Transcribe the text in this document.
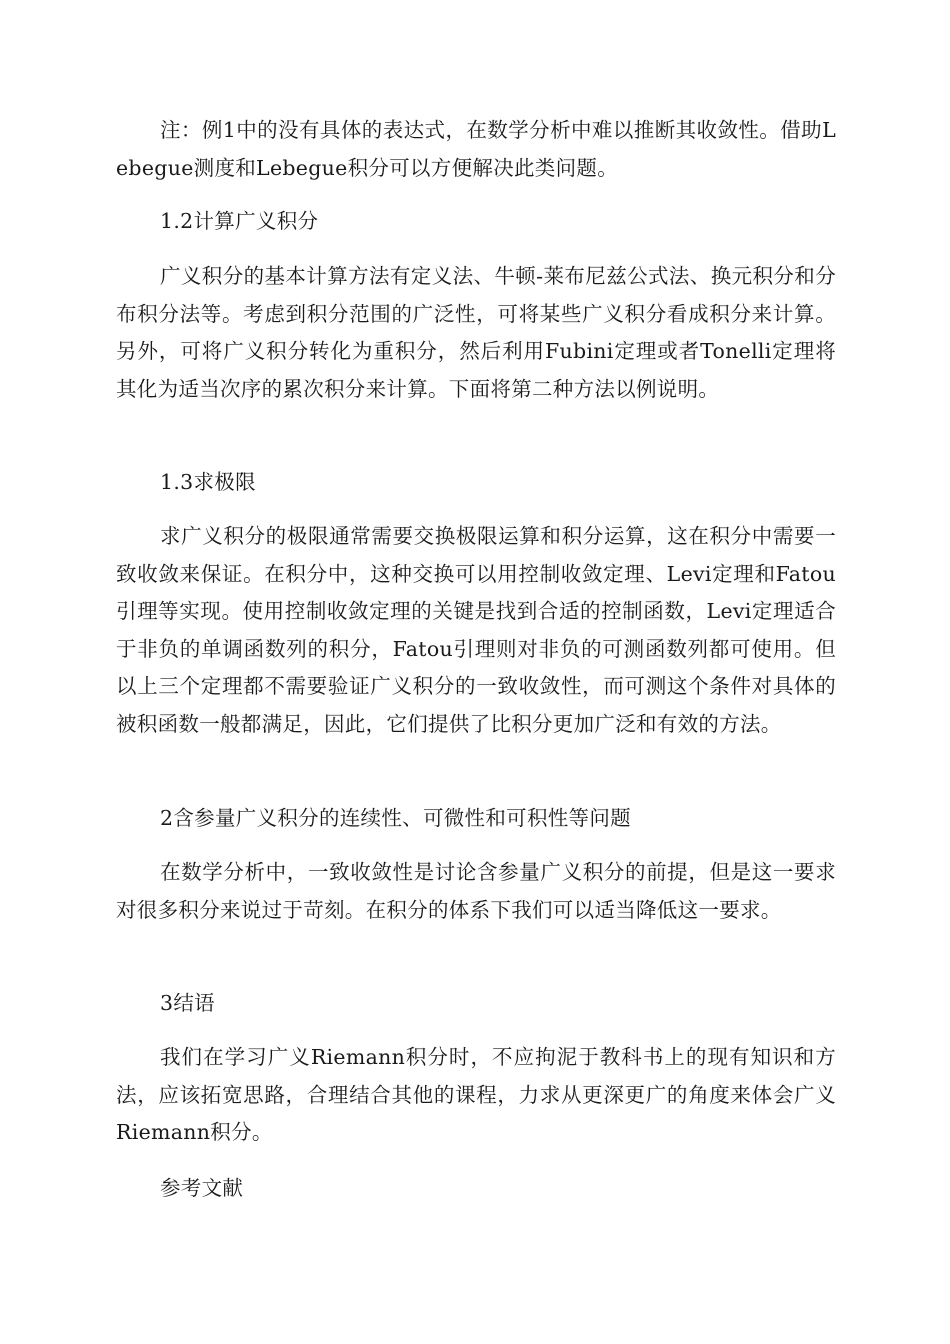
注：例1中的没有具体的表达式，在数学分析中难以推断其收敛性。借助Lebegue测度和Lebegue积分可以方便解决此类问题。

1.2计算广义积分

广义积分的基本计算方法有定义法、牛顿-莱布尼兹公式法、换元积分和分布积分法等。考虑到积分范围的广泛性，可将某些广义积分看成积分来计算。另外，可将广义积分转化为重积分，然后利用Fubini定理或者Tonelli定理将其化为适当次序的累次积分来计算。下面将第二种方法以例说明。

1.3求极限

求广义积分的极限通常需要交换极限运算和积分运算，这在积分中需要一致收敛来保证。在积分中，这种交换可以用控制收敛定理、Levi定理和Fatou引理等实现。使用控制收敛定理的关键是找到合适的控制函数，Levi定理适合于非负的单调函数列的积分，Fatou引理则对非负的可测函数列都可使用。但以上三个定理都不需要验证广义积分的一致收敛性，而可测这个条件对具体的被积函数一般都满足，因此，它们提供了比积分更加广泛和有效的方法。

2含参量广义积分的连续性、可微性和可积性等问题

在数学分析中，一致收敛性是讨论含参量广义积分的前提，但是这一要求对很多积分来说过于苛刻。在积分的体系下我们可以适当降低这一要求。

3结语

我们在学习广义Riemann积分时，不应拘泥于教科书上的现有知识和方法，应该拓宽思路，合理结合其他的课程，力求从更深更广的角度来体会广义Riemann积分。

参考文献
